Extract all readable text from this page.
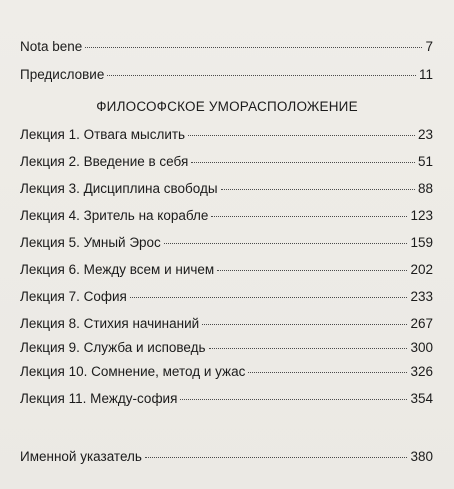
Nota bene	7
Предисловие	11
ФИЛОСОФСКОЕ УМОРАСПОЛОЖЕНИЕ
Лекция 1. Отвага мыслить	23
Лекция 2. Введение в себя	51
Лекция 3. Дисциплина свободы	88
Лекция 4. Зритель на корабле	123
Лекция 5. Умный Эрос	159
Лекция 6. Между всем и ничем	202
Лекция 7. София	233
Лекция 8. Стихия начинаний	267
Лекция 9. Служба и исповедь	300
Лекция 10. Сомнение, метод и ужас	326
Лекция 11. Между-софия	354
Именной указатель	380
